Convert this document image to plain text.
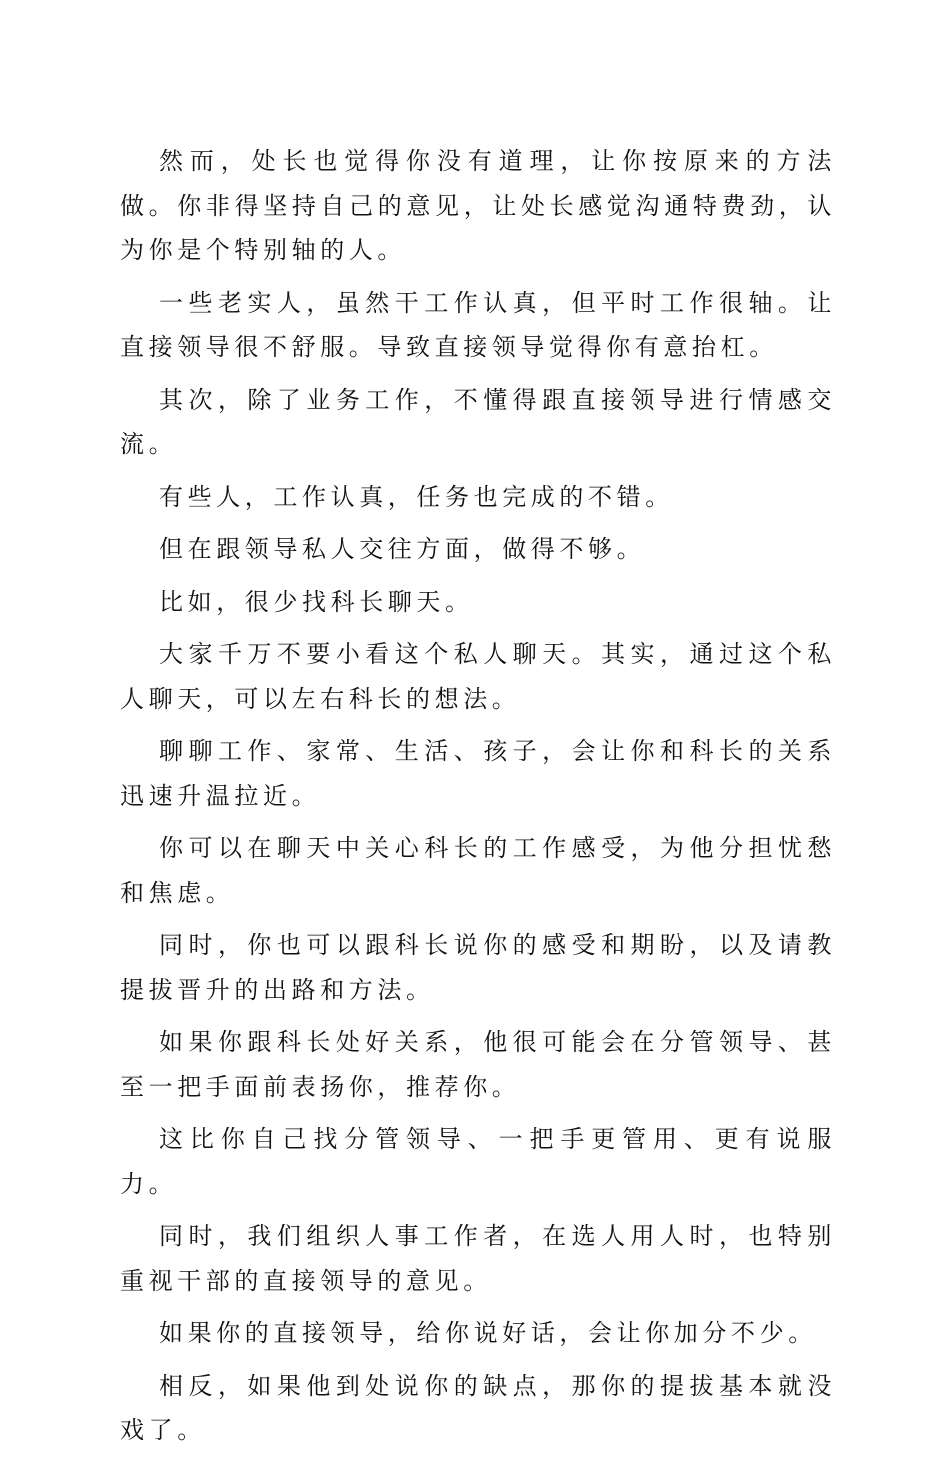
然而，处长也觉得你没有道理，让你按原来的方法做。你非得坚持自己的意见，让处长感觉沟通特费劲，认为你是个特别轴的人。

一些老实人，虽然干工作认真，但平时工作很轴。让直接领导很不舒服。导致直接领导觉得你有意抬杠。

其次，除了业务工作，不懂得跟直接领导进行情感交流。

有些人，工作认真，任务也完成的不错。

但在跟领导私人交往方面，做得不够。

比如，很少找科长聊天。

大家千万不要小看这个私人聊天。其实，通过这个私人聊天，可以左右科长的想法。

聊聊工作、家常、生活、孩子，会让你和科长的关系迅速升温拉近。

你可以在聊天中关心科长的工作感受，为他分担忧愁和焦虑。

同时，你也可以跟科长说你的感受和期盼，以及请教提拔晋升的出路和方法。

如果你跟科长处好关系，他很可能会在分管领导、甚至一把手面前表扬你，推荐你。

这比你自己找分管领导、一把手更管用、更有说服力。

同时，我们组织人事工作者，在选人用人时，也特别重视干部的直接领导的意见。

如果你的直接领导，给你说好话，会让你加分不少。

相反，如果他到处说你的缺点，那你的提拔基本就没戏了。
